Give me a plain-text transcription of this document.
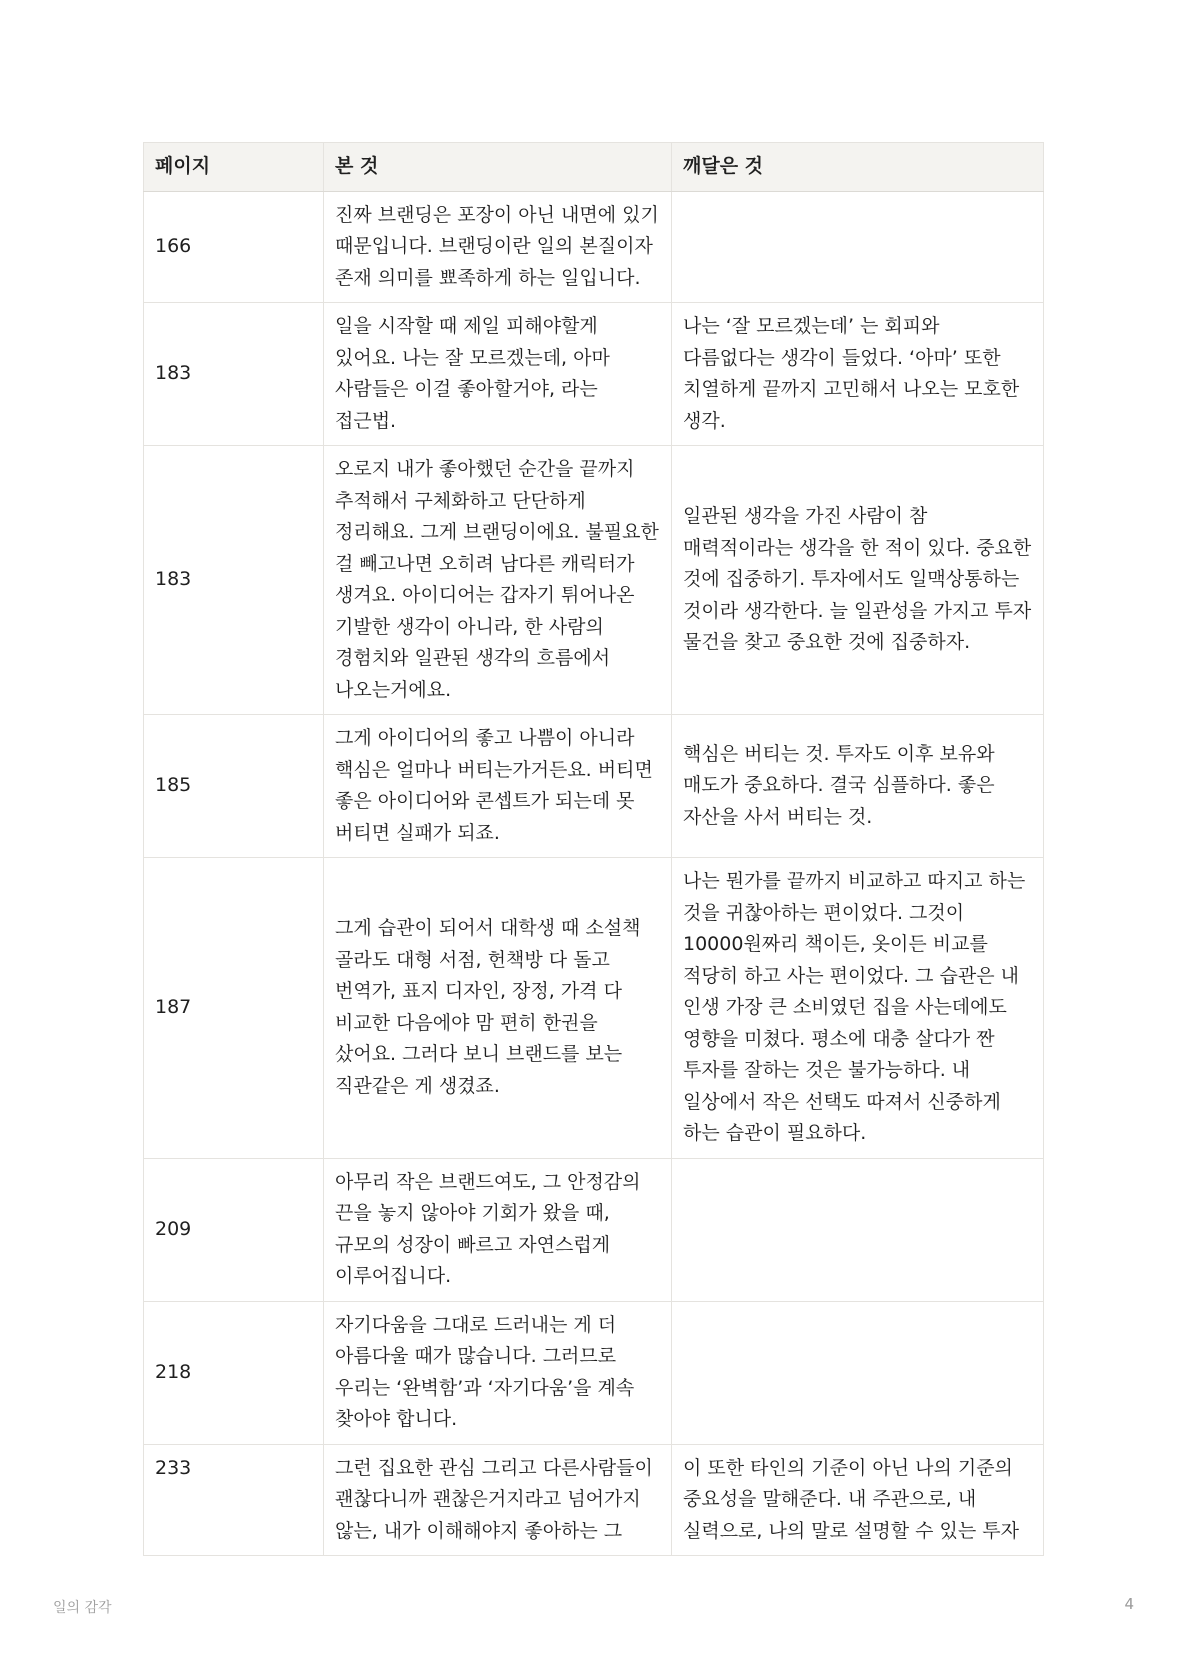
페이지	본 것	깨달은 것
166	진짜 브랜딩은 포장이 아닌 내면에 있기 때문입니다. 브랜딩이란 일의 본질이자 존재 의미를 뾰족하게 하는 일입니다.	
183	일을 시작할 때 제일 피해야할게 있어요. 나는 잘 모르겠는데, 아마 사람들은 이걸 좋아할거야, 라는 접근법.	나는 ‘잘 모르겠는데’ 는 회피와 다름없다는 생각이 들었다. ‘아마’ 또한 치열하게 끝까지 고민해서 나오는 모호한 생각.
183	오로지 내가 좋아했던 순간을 끝까지 추적해서 구체화하고 단단하게 정리해요. 그게 브랜딩이에요. 불필요한 걸 빼고나면 오히려 남다른 캐릭터가 생겨요. 아이디어는 갑자기 튀어나온 기발한 생각이 아니라, 한 사람의 경험치와 일관된 생각의 흐름에서 나오는거에요.	일관된 생각을 가진 사람이 참 매력적이라는 생각을 한 적이 있다. 중요한 것에 집중하기. 투자에서도 일맥상통하는 것이라 생각한다. 늘 일관성을 가지고 투자 물건을 찾고 중요한 것에 집중하자.
185	그게 아이디어의 좋고 나쁨이 아니라 핵심은 얼마나 버티는가거든요. 버티면 좋은 아이디어와 콘셉트가 되는데 못 버티면 실패가 되죠.	핵심은 버티는 것. 투자도 이후 보유와 매도가 중요하다. 결국 심플하다. 좋은 자산을 사서 버티는 것.
187	그게 습관이 되어서 대학생 때 소설책 골라도 대형 서점, 헌책방 다 돌고 번역가, 표지 디자인, 장정, 가격 다 비교한 다음에야 맘 편히 한권을 샀어요. 그러다 보니 브랜드를 보는 직관같은 게 생겼죠.	나는 뭔가를 끝까지 비교하고 따지고 하는 것을 귀찮아하는 편이었다. 그것이 10000원짜리 책이든, 옷이든 비교를 적당히 하고 사는 편이었다. 그 습관은 내 인생 가장 큰 소비였던 집을 사는데에도 영향을 미쳤다. 평소에 대충 살다가 짠 투자를 잘하는 것은 불가능하다. 내 일상에서 작은 선택도 따져서 신중하게 하는 습관이 필요하다.
209	아무리 작은 브랜드여도, 그 안정감의 끈을 놓지 않아야 기회가 왔을 때, 규모의 성장이 빠르고 자연스럽게 이루어집니다.	
218	자기다움을 그대로 드러내는 게 더 아름다울 때가 많습니다. 그러므로 우리는 ‘완벽함’과 ‘자기다움’을 계속 찾아야 합니다.	
233	그런 집요한 관심 그리고 다른사람들이 괜찮다니까 괜찮은거지라고 넘어가지 않는, 내가 이해해야지 좋아하는 그	이 또한 타인의 기준이 아닌 나의 기준의 중요성을 말해준다. 내 주관으로, 내 실력으로, 나의 말로 설명할 수 있는 투자
일의 감각	4
